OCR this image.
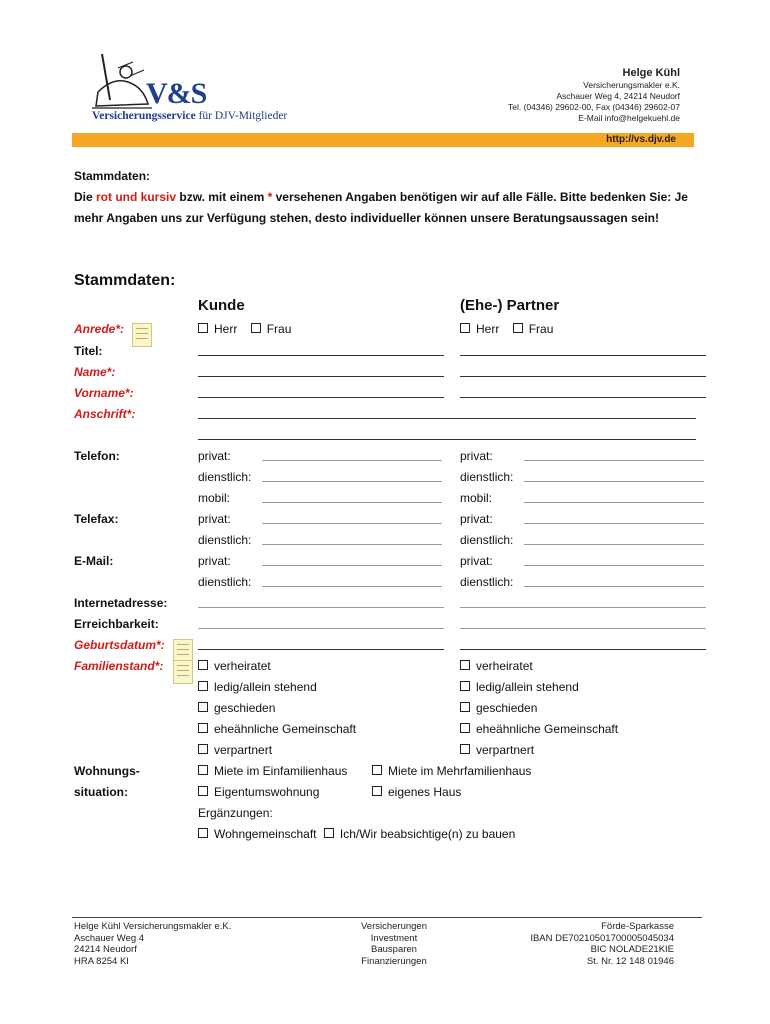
V&S
Versicherungsservice für DJV-Mitglieder
Helge Kühl
Versicherungsmakler e.K.
Aschauer Weg 4, 24214 Neudorf
Tel. (04346) 29602-00, Fax (04346) 29602-07
E-Mail info@helgekuehl.de
http://vs.djv.de
Stammdaten:
Die rot und kursiv bzw. mit einem * versehenen Angaben benötigen wir auf alle Fälle. Bitte bedenken Sie: Je mehr Angaben uns zur Verfügung stehen, desto individueller können unsere Beratungsaussagen sein!
Stammdaten:
Kunde	(Ehe-) Partner
Anrede*:	Herr Frau	Herr Frau
Titel:
Name*:
Vorname*:
Anschrift*:
Telefon:	privat:	privat:
dienstlich:	dienstlich:
mobil:	mobil:
Telefax:	privat:	privat:
dienstlich:	dienstlich:
E-Mail:	privat:	privat:
dienstlich:	dienstlich:
Internetadresse:
Erreichbarkeit:
Geburtsdatum*:
Familienstand*:	verheiratet	verheiratet
ledig/allein stehend	ledig/allein stehend
geschieden	geschieden
eheähnliche Gemeinschaft	eheähnliche Gemeinschaft
verpartnert	verpartnert
Wohnungs-
situation:
Miete im Einfamilienhaus	Miete im Mehrfamilienhaus
Eigentumswohnung	eigenes Haus
Ergänzungen:
Wohngemeinschaft Ich/Wir beabsichtige(n) zu bauen
Helge Kühl Versicherungsmakler e.K.
Aschauer Weg 4
24214 Neudorf
HRA 8254 KI
Versicherungen
Investment
Bausparen
Finanzierungen
Förde-Sparkasse
IBAN DE70210501700005045034
BIC NOLADE21KIE
St. Nr. 12 148 01946
